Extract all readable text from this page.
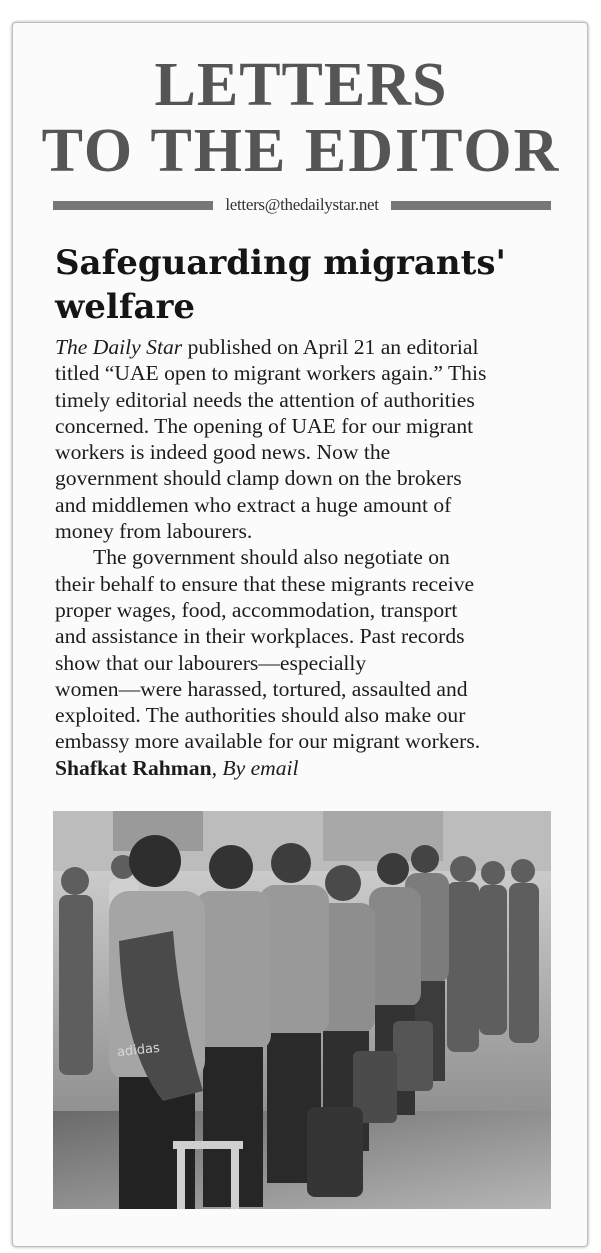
LETTERS
TO THE EDITOR
letters@thedailystar.net
Safeguarding migrants'
welfare
The Daily Star published on April 21 an editorial
titled “UAE open to migrant workers again.” This
timely editorial needs the attention of authorities
concerned. The opening of UAE for our migrant
workers is indeed good news. Now the
government should clamp down on the brokers
and middlemen who extract a huge amount of
money from labourers.
The government should also negotiate on
their behalf to ensure that these migrants receive
proper wages, food, accommodation, transport
and assistance in their workplaces. Past records
show that our labourers—especially
women—were harassed, tortured, assaulted and
exploited. The authorities should also make our
embassy more available for our migrant workers.
Shafkat Rahman, By email
adidas
